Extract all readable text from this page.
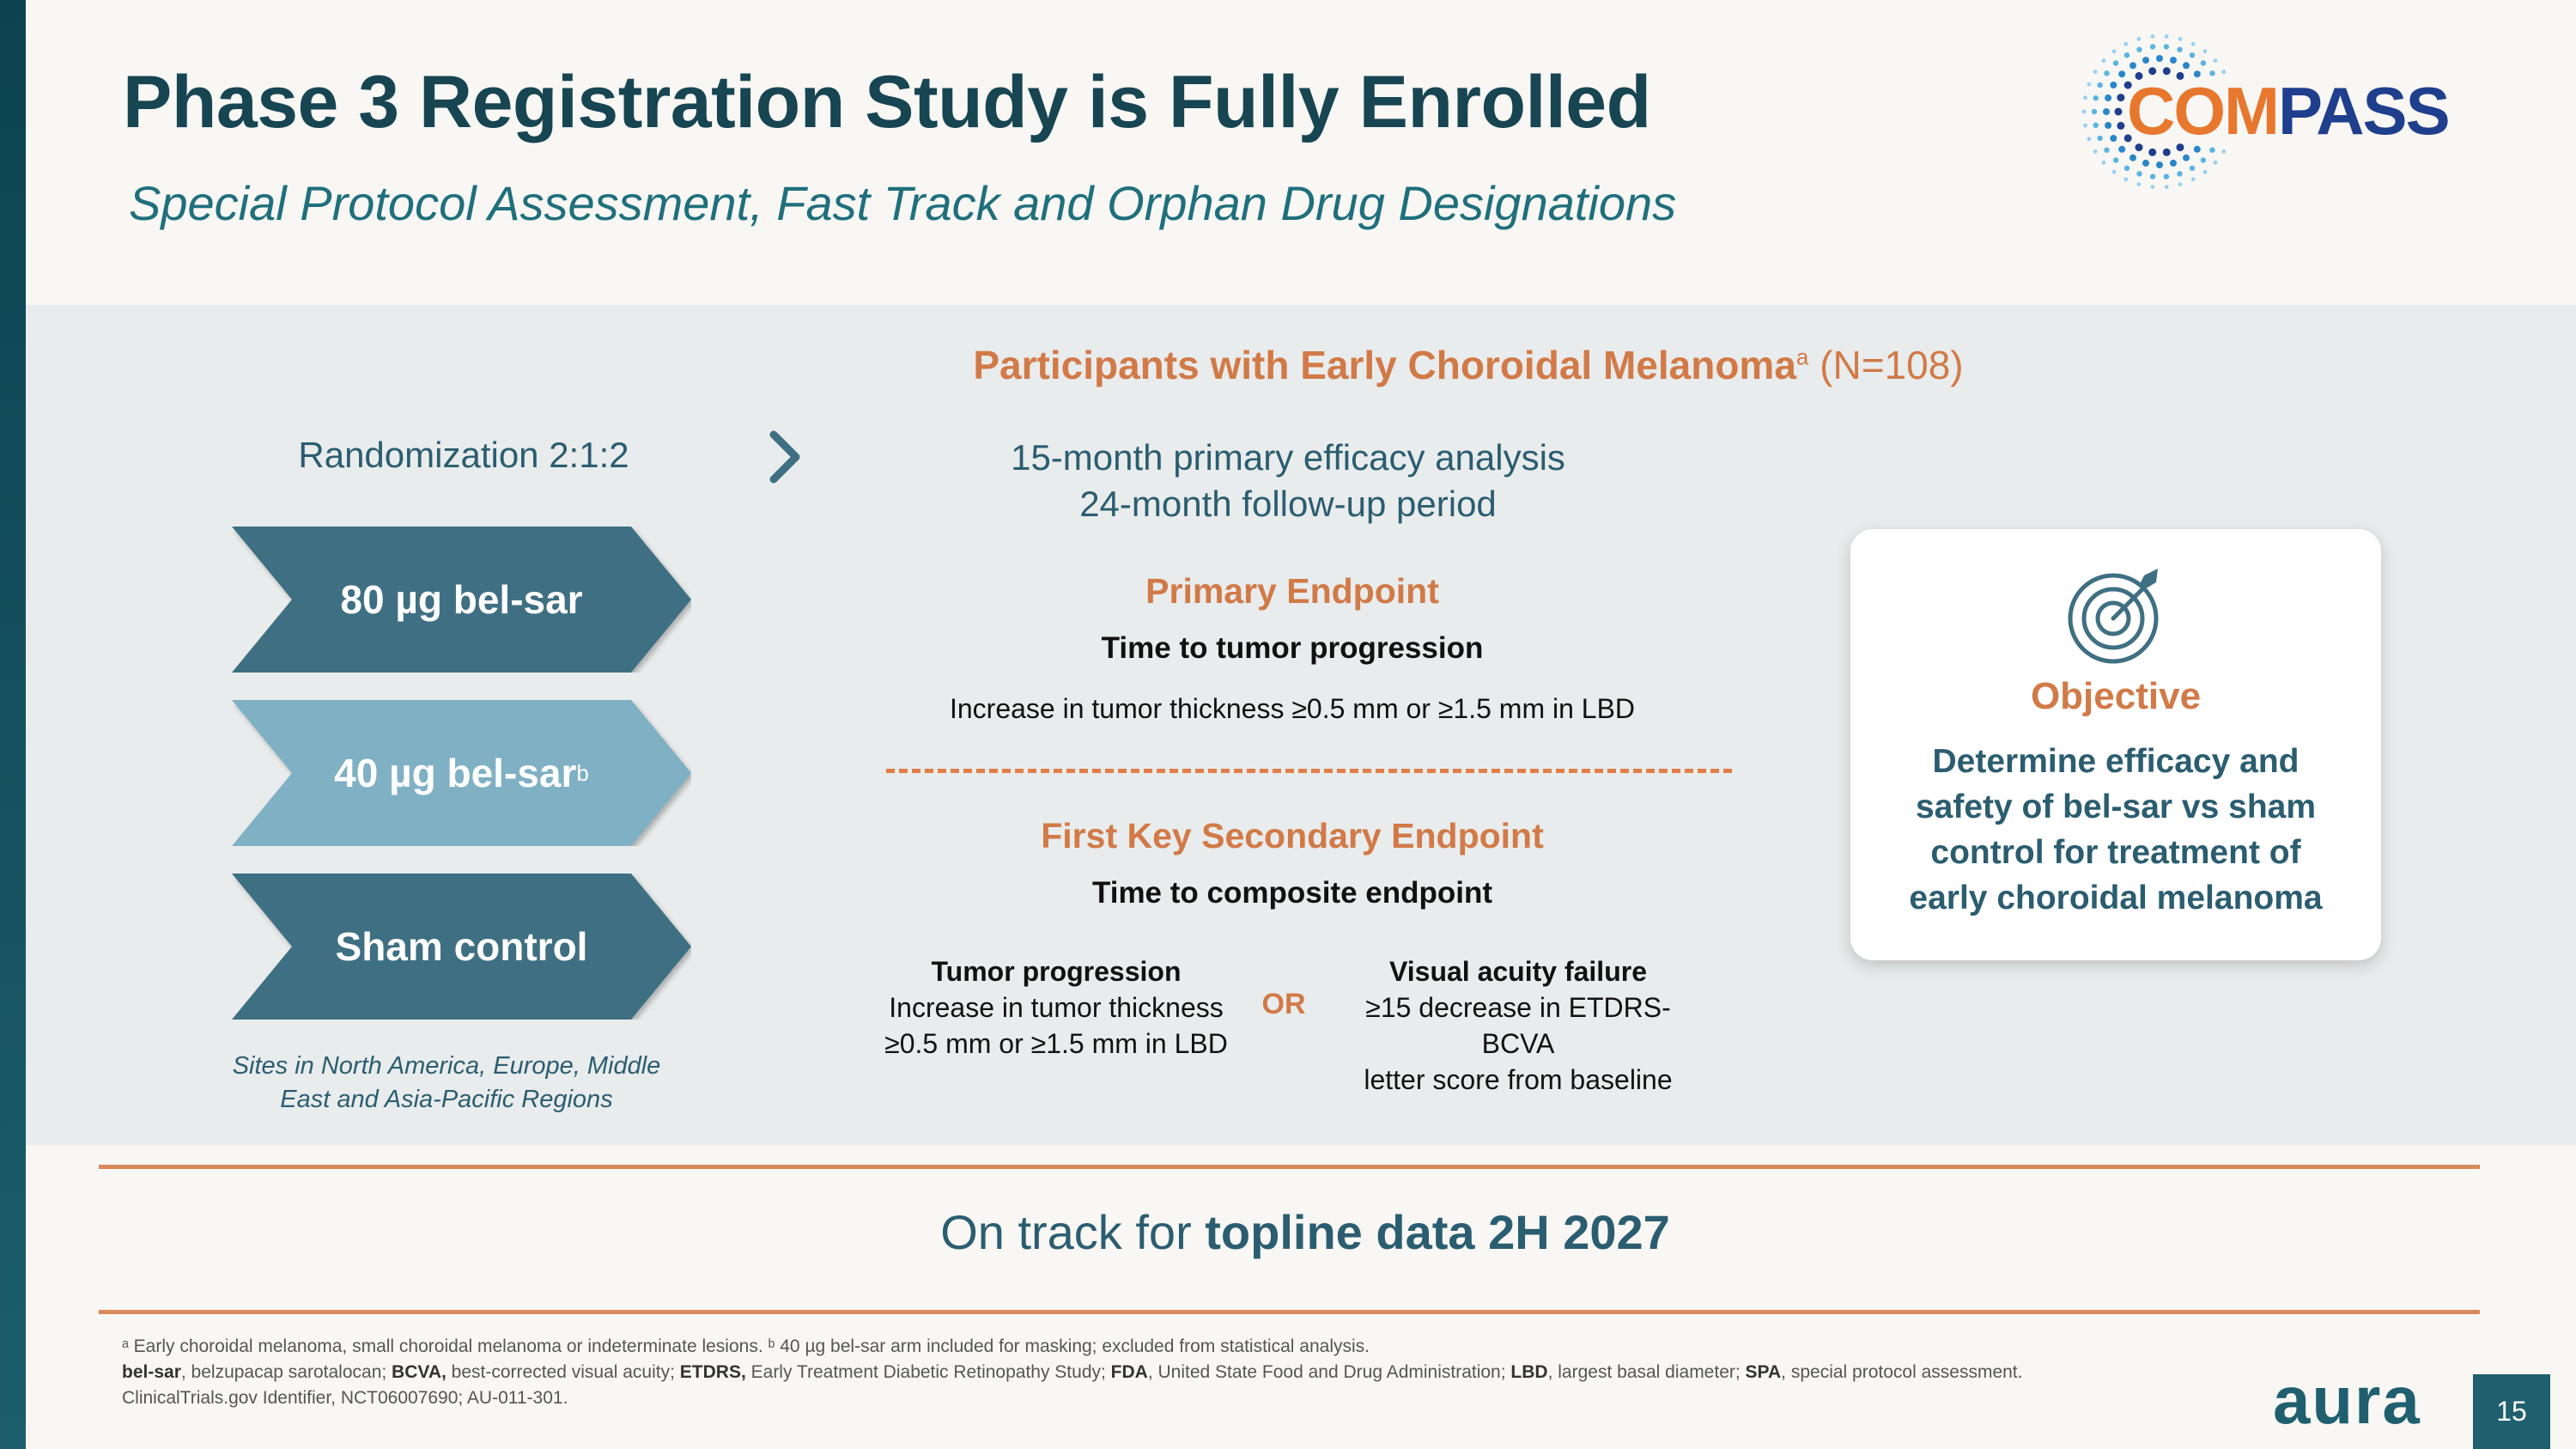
Phase 3 Registration Study is Fully Enrolled
Special Protocol Assessment, Fast Track and Orphan Drug Designations
COMPASS
Participants with Early Choroidal Melanoma$^a$ (N=108)
Randomization 2:1:2	15-month primary efficacy analysis
24-month follow-up period
80 µg bel-sar
40 µg bel-sar b
Sham control
Sites in North America, Europe, Middle
East and Asia-Pacific Regions
Primary Endpoint
Time to tumor progression
Increase in tumor thickness ≥0.5 mm or ≥1.5 mm in LBD
First Key Secondary Endpoint
Time to composite endpoint
Tumor progression
Increase in tumor thickness
≥0.5 mm or ≥1.5 mm in LBD
OR
Visual acuity failure
≥15 decrease in ETDRS-BCVA
letter score from baseline
Objective
Determine efficacy and
safety of bel-sar vs sham
control for treatment of
early choroidal melanoma
On track for topline data 2H 2027
ᵃ Early choroidal melanoma, small choroidal melanoma or indeterminate lesions. ᵇ 40 µg bel-sar arm included for masking; excluded from statistical analysis.
bel-sar, belzupacap sarotalocan; BCVA, best-corrected visual acuity; ETDRS, Early Treatment Diabetic Retinopathy Study; FDA, United State Food and Drug Administration; LBD, largest basal diameter; SPA, special protocol assessment.
ClinicalTrials.gov Identifier, NCT06007690; AU-011-301.	aura	15
